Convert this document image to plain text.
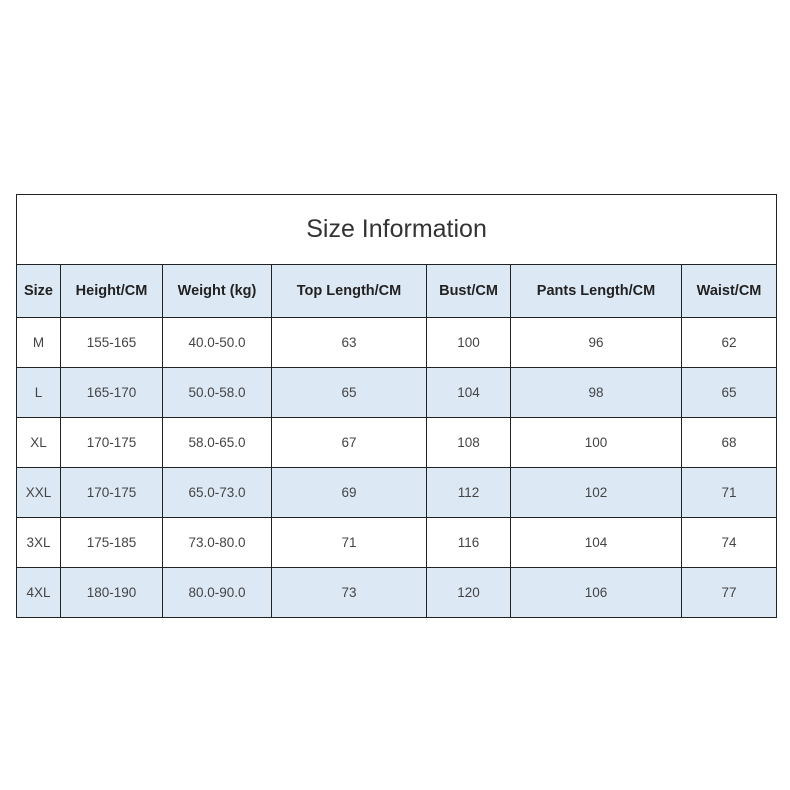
Size Information						
Size	Height/CM	Weight (kg)	Top Length/CM	Bust/CM	Pants Length/CM	Waist/CM
M	155-165	40.0-50.0	63	100	96	62
L	165-170	50.0-58.0	65	104	98	65
XL	170-175	58.0-65.0	67	108	100	68
XXL	170-175	65.0-73.0	69	112	102	71
3XL	175-185	73.0-80.0	71	116	104	74
4XL	180-190	80.0-90.0	73	120	106	77
